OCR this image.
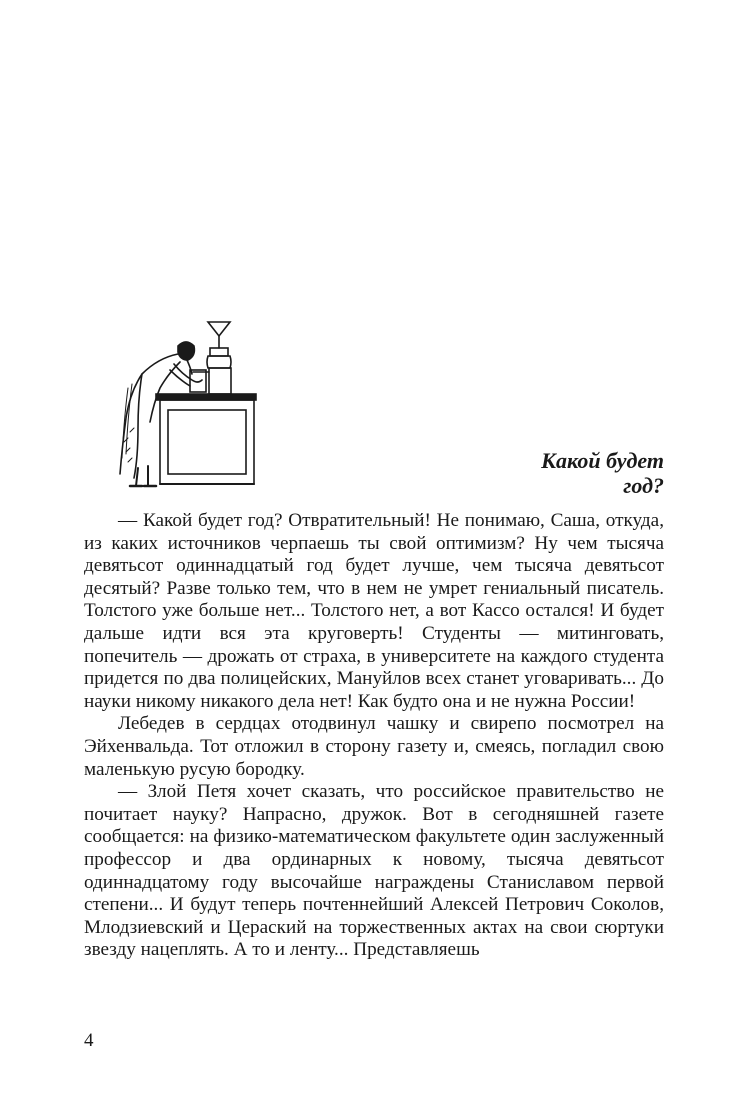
Какой будет
год?

— Какой будет год? Отвратительный! Не понимаю, Саша, откуда, из каких источников черпаешь ты свой оптимизм? Ну чем тысяча девятьсот одиннадцатый год будет лучше, чем тысяча девятьсот десятый? Разве только тем, что в нем не умрет гениальный писатель. Толстого уже больше нет... Толстого нет, а вот Кассо остался! И будет дальше идти вся эта круговерть! Студенты — митинговать, попечитель — дрожать от страха, в университете на каждого студента придется по два полицейских, Мануйлов всех станет уговаривать... До науки никому никакого дела нет! Как будто она и не нужна России!

Лебедев в сердцах отодвинул чашку и свирепо посмотрел на Эйхенвальда. Тот отложил в сторону газету и, смеясь, погладил свою маленькую русую бородку.

— Злой Петя хочет сказать, что российское правительство не почитает науку? Напрасно, дружок. Вот в сегодняшней газете сообщается: на физико-математическом факультете один заслуженный профессор и два ординарных к новому, тысяча девятьсот одиннадцатому году высочайше награждены Станиславом первой степени... И будут теперь почтеннейший Алексей Петрович Соколов, Млодзиевский и Цераский на торжественных актах на свои сюртуки звезду нацеплять. А то и ленту... Представляешь

4
